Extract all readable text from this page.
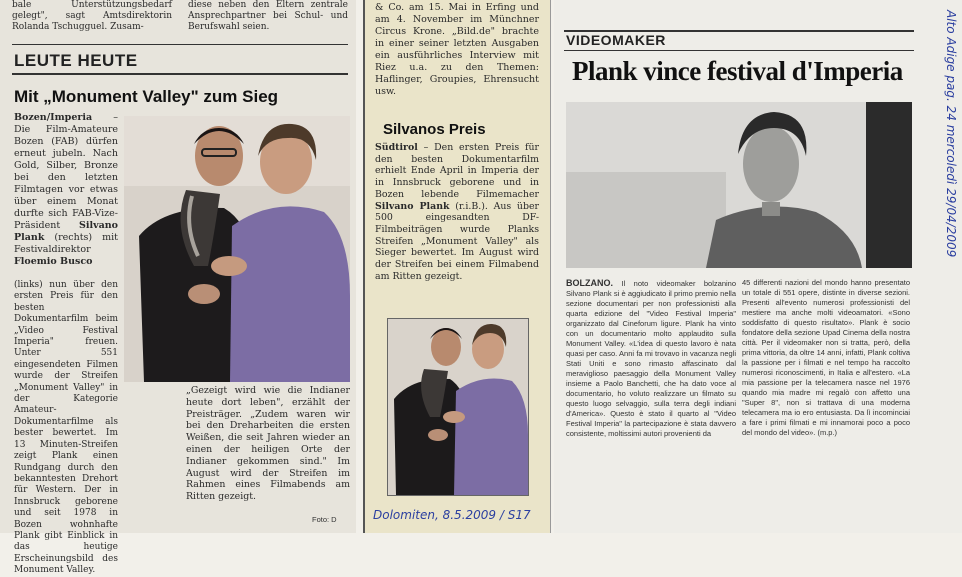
bale Unterstützungsbedarf gelegt", sagt Amtsdirektorin Rolanda Tschugguel. Zusam-
diese neben den Eltern zentrale Ansprechpartner bei Schul- und Berufswahl seien.
LEUTE HEUTE
Mit „Monument Valley" zum Sieg
Bozen/Imperia – Die Film-Amateure Bozen (FAB) dürfen erneut jubeln. Nach Gold, Silber, Bronze bei den letzten Filmtagen vor etwas über einem Monat durfte sich FAB-Vize-Präsident Silvano Plank (rechts) mit Festivaldirektor Floemio Busco
(links) nun über den ersten Preis für den besten Dokumentarfilm beim „Video Festival Imperia" freuen. Unter 551 eingesendeten Filmen wurde der Streifen „Monument Valley" in der Kategorie Amateur-Dokumentarfilme als bester bewertet. Im 13 Minuten-Streifen zeigt Plank einen Rundgang durch den bekanntesten Drehort für Western. Der in Innsbruck geborene und seit 1978 in Bozen wohnhafte Plank gibt Einblick in das heutige Erscheinungsbild des Monument Valley.
„Gezeigt wird wie die Indianer heute dort leben", erzählt der Preisträger. „Zudem waren wir bei den Dreharbeiten die ersten Weißen, die seit Jahren wieder an einen der heiligen Orte der Indianer gekommen sind." Im August wird der Streifen im Rahmen eines Filmabends am Ritten gezeigt.
Foto: D
& Co. am 15. Mai in Erfing und am 4. November im Münchner Circus Krone. „Bild.de" brachte in einer seiner letzten Ausgaben ein ausführliches Interview mit Riez u.a. zu den Themen: Haflinger, Groupies, Ehrensucht usw.
Silvanos Preis
Südtirol – Den ersten Preis für den besten Dokumentarfilm erhielt Ende April in Imperia der in Innsbruck geborene und in Bozen lebende Filmemacher Silvano Plank (r.i.B.). Aus über 500 eingesandten DF-Filmbeiträgen wurde Planks Streifen „Monument Valley" als Sieger bewertet. Im August wird der Streifen bei einem Filmabend am Ritten gezeigt.
Dolomiten, 8.5.2009 / S17
VIDEOMAKER
Plank vince festival d'Imperia
BOLZANO. Il noto videomaker bolzanino Silvano Plank si è aggiudicato il primo premio nella sezione documentari per non professionisti alla quarta edizione del "Video Festival Imperia" organizzato dal Cineforum ligure. Plank ha vinto con un documentario molto applaudito sulla Monument Valley. «L'idea di questo lavoro è nata quasi per caso. Anni fa mi trovavo in vacanza negli Stati Uniti e sono rimasto affascinato dal meraviglioso paesaggio della Monument Valley insieme a Paolo Banchetti, che ha dato voce al documentario, ho voluto realizzare un filmato su questo luogo selvaggio, sulla terra degli indiani d'America». Questo è stato il quarto al "Video Festival Imperia" la partecipazione è stata davvero consistente, moltissimi autori provenienti da
45 differenti nazioni del mondo hanno presentato un totale di 551 opere, distinte in diverse sezioni. Presenti all'evento numerosi professionisti del mestiere ma anche molti videoamatori. «Sono soddisfatto di questo risultato». Plank è socio fondatore della sezione Upad Cinema della nostra città. Per il videomaker non si tratta, però, della prima vittoria, da oltre 14 anni, infatti, Plank coltiva la passione per i filmati e nel tempo ha raccolto numerosi riconoscimenti, in Italia e all'estero. «La mia passione per la telecamera nasce nel 1976 quando mia madre mi regalò con affetto una "Super 8", non si trattava di una moderna telecamera ma io ero entusiasta. Da lì incominciai a fare i primi filmati e mi innamorai poco a poco del mondo del video». (m.p.)
Alto Adige pag. 24 mercoledì 29/04/2009
